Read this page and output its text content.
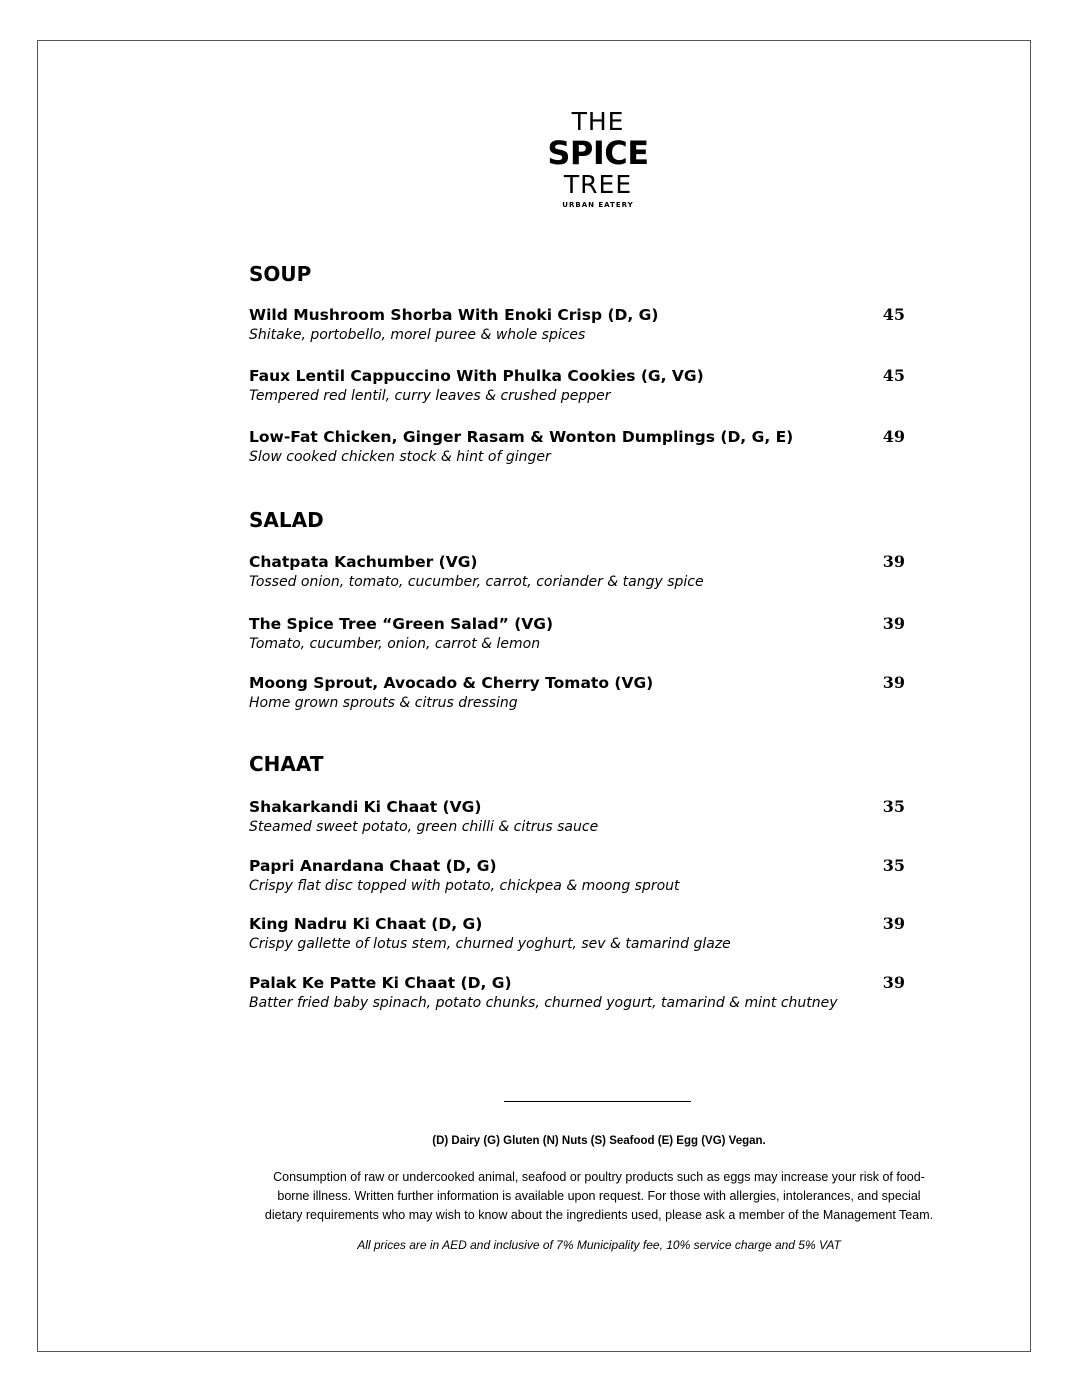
THE
SPICE
TREE
URBAN EATERY
SOUP
Wild Mushroom Shorba With Enoki Crisp (D, G)
Shitake, portobello, morel puree & whole spices
45
Faux Lentil Cappuccino With Phulka Cookies (G, VG)
Tempered red lentil, curry leaves & crushed pepper
45
Low-Fat Chicken, Ginger Rasam & Wonton Dumplings (D, G, E)
Slow cooked chicken stock & hint of ginger
49
SALAD
Chatpata Kachumber (VG)
Tossed onion, tomato, cucumber, carrot, coriander & tangy spice
39
The Spice Tree “Green Salad” (VG)
Tomato, cucumber, onion, carrot & lemon
39
Moong Sprout, Avocado & Cherry Tomato (VG)
Home grown sprouts & citrus dressing
39
CHAAT
Shakarkandi Ki Chaat (VG)
Steamed sweet potato, green chilli & citrus sauce
35
Papri Anardana Chaat (D, G)
Crispy flat disc topped with potato, chickpea & moong sprout
35
King Nadru Ki Chaat (D, G)
Crispy gallette of lotus stem, churned yoghurt, sev & tamarind glaze
39
Palak Ke Patte Ki Chaat (D, G)
Batter fried baby spinach, potato chunks, churned yogurt, tamarind & mint chutney
39
(D) Dairy (G) Gluten (N) Nuts (S) Seafood (E) Egg (VG) Vegan.
Consumption of raw or undercooked animal, seafood or poultry products such as eggs may increase your risk of food-
borne illness. Written further information is available upon request. For those with allergies, intolerances, and special
dietary requirements who may wish to know about the ingredients used, please ask a member of the Management Team.
All prices are in AED and inclusive of 7% Municipality fee, 10% service charge and 5% VAT
